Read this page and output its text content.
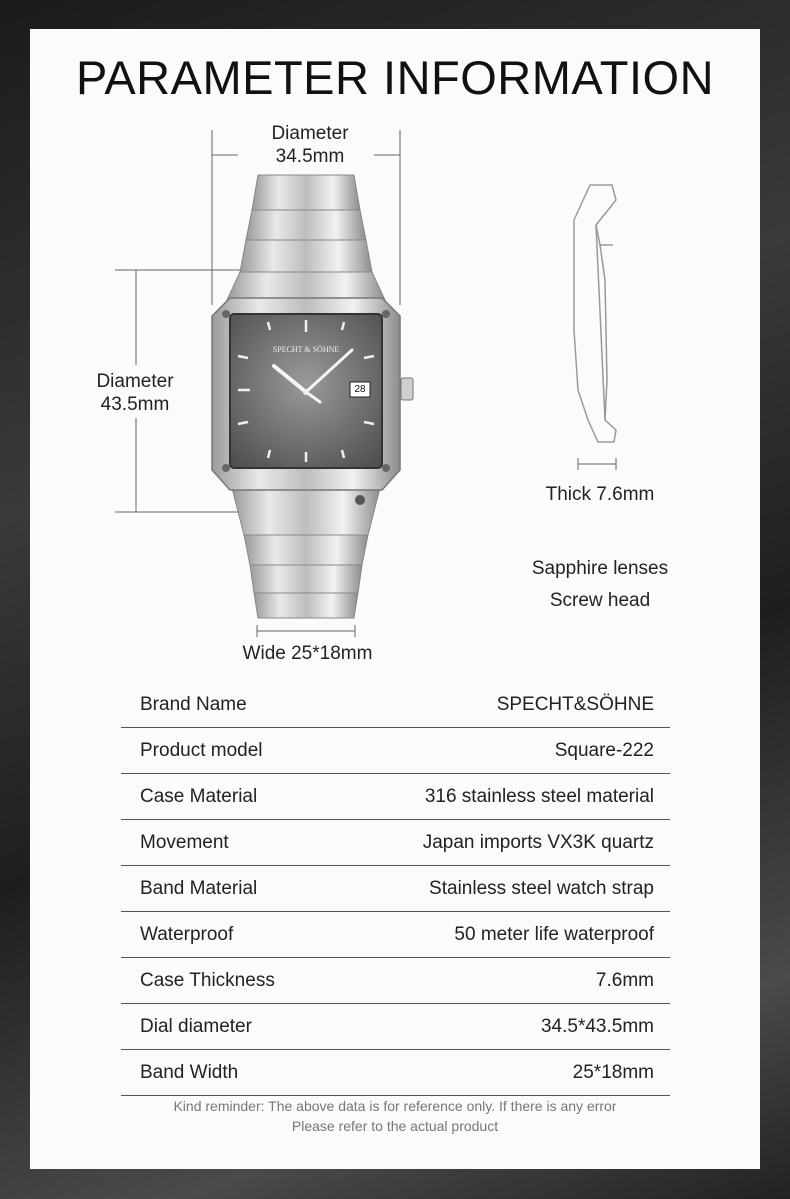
PARAMETER INFORMATION
SPECHT & SÖHNE
28
Diameter
34.5mm
Diameter
43.5mm
Thick 7.6mm
Sapphire lenses
Screw head
Wide 25*18mm
Brand Name	SPECHT&SÖHNE
Product model	Square-222
Case Material	316 stainless steel material
Movement	Japan imports VX3K quartz
Band Material	Stainless steel watch strap
Waterproof	50 meter life waterproof
Case Thickness	7.6mm
Dial diameter	34.5*43.5mm
Band Width	25*18mm
Kind reminder: The above data is for reference only. If there is any error
Please refer to the actual product
